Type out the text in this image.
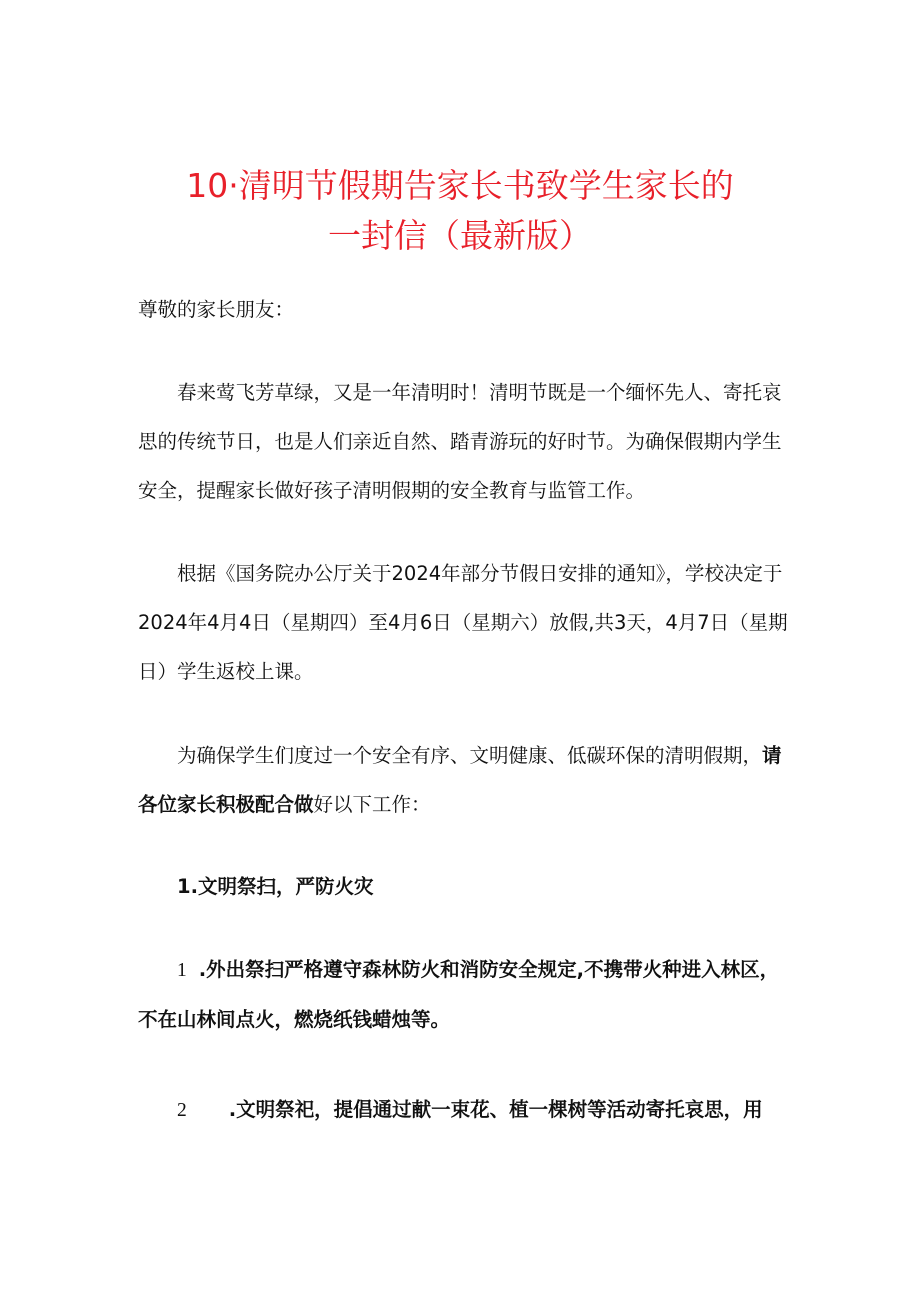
10·清明节假期告家长书致学生家长的
一封信（最新版）

尊敬的家长朋友：

春来莺飞芳草绿，又是一年清明时！清明节既是一个缅怀先人、寄托哀思的传统节日，也是人们亲近自然、踏青游玩的好时节。为确保假期内学生安全，提醒家长做好孩子清明假期的安全教育与监管工作。

根据《国务院办公厅关于2024年部分节假日安排的通知》，学校决定于2024年4月4日（星期四）至4月6日（星期六）放假,共3天，4月7日（星期日）学生返校上课。

为确保学生们度过一个安全有序、文明健康、低碳环保的清明假期，请各位家长积极配合做好以下工作：

1.文明祭扫，严防火灾

1 .外出祭扫严格遵守森林防火和消防安全规定,不携带火种进入林区，不在山林间点火，燃烧纸钱蜡烛等。

2 .文明祭祀，提倡通过献一束花、植一棵树等活动寄托哀思，用
